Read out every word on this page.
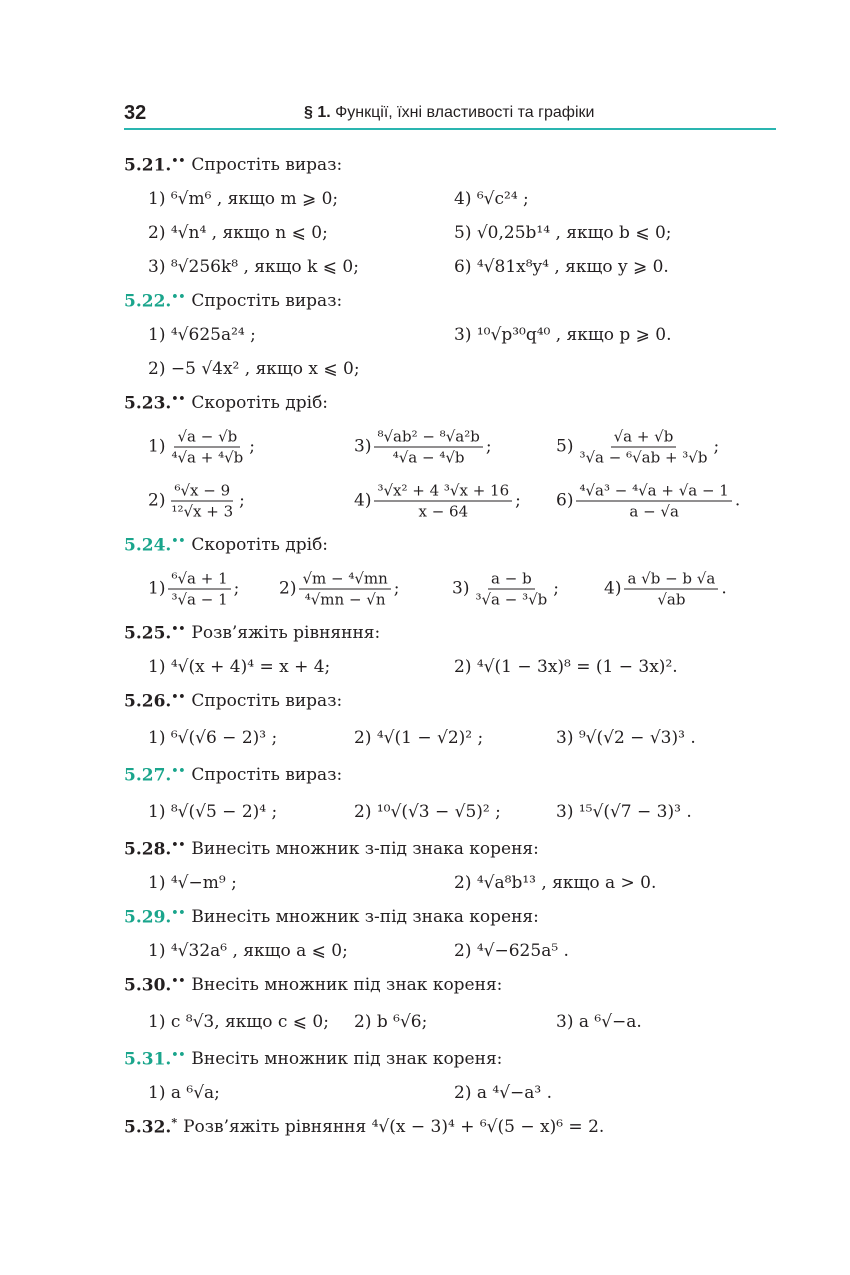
32	§ 1. Функції, їхні властивості та графіки
5.21.•• Спростіть вираз:
1) ⁶√m⁶ , якщо m ⩾ 0;	4) ⁶√c²⁴ ;
2) ⁴√n⁴ , якщо n ⩽ 0;	5) √0,25b¹⁴ , якщо b ⩽ 0;
3) ⁸√256k⁸ , якщо k ⩽ 0;	6) ⁴√81x⁸y⁴ , якщо y ⩾ 0.
5.22.•• Спростіть вираз:
1) ⁴√625a²⁴ ;	3) ¹⁰√p³⁰q⁴⁰ , якщо p ⩾ 0.
2) −5 √4x² , якщо x ⩽ 0;
5.23.•• Скоротіть дріб:
$1) \frac{√a - √b}{\text{⁴√a + ⁴√b}}$ ;	$3) \frac{\text{⁸√ab² − ⁸√a²b}}{\text{⁴√a − ⁴√b}}$ ;	$5) \frac{√a + √b}{\text{³√a − ⁶√ab + ³√b}}$ ;
$2) \frac{\text{⁶√x − 9}}{\text{¹²√x + 3}}$ ;	$4) \frac{\text{³√x² + 4 ³√x + 16}}{x - 64}$ ; $6) \frac{\text{⁴√a³ − ⁴√a + √a − 1}}{a - √a}$ .
5.24.•• Скоротіть дріб:
$1) \frac{\text{⁶√a + 1}}{\text{³√a − 1}}$ ; $2) \frac{\text{√m − ⁴√mn}}{\text{⁴√mn − √n}}$ ;	$3) \frac{a - b}{\text{³√a − ³√b}}$ ;	$4) \frac{a √b - b √a}{√ab}$ .
5.25.•• Розв’яжіть рівняння:
1) ⁴√(x + 4)⁴ = x + 4;	2) ⁴√(1 − 3x)⁸ = (1 − 3x)².
5.26.•• Спростіть вираз:
1) ⁶√(√6 − 2)³ ;	2) ⁴√(1 − √2)² ;	3) ⁹√(√2 − √3)³ .
5.27.•• Спростіть вираз:
1) ⁸√(√5 − 2)⁴ ;	2) ¹⁰√(√3 − √5)² ;	3) ¹⁵√(√7 − 3)³ .
5.28.•• Винесіть множник з-під знака кореня:
1) ⁴√−m⁹ ;	2) ⁴√a⁸b¹³ , якщо a > 0.
5.29.•• Винесіть множник з-під знака кореня:
1) ⁴√32a⁶ , якщо a ⩽ 0;	2) ⁴√−625a⁵ .
5.30.•• Внесіть множник під знак кореня:
1) c ⁸√3, якщо c ⩽ 0; 2) b ⁶√6;	3) a ⁶√−a.
5.31.•• Внесіть множник під знак кореня:
1) a ⁶√a;	2) a ⁴√−a³ .
5.32.* Розв’яжіть рівняння ⁴√(x − 3)⁴ + ⁶√(5 − x)⁶ = 2.
